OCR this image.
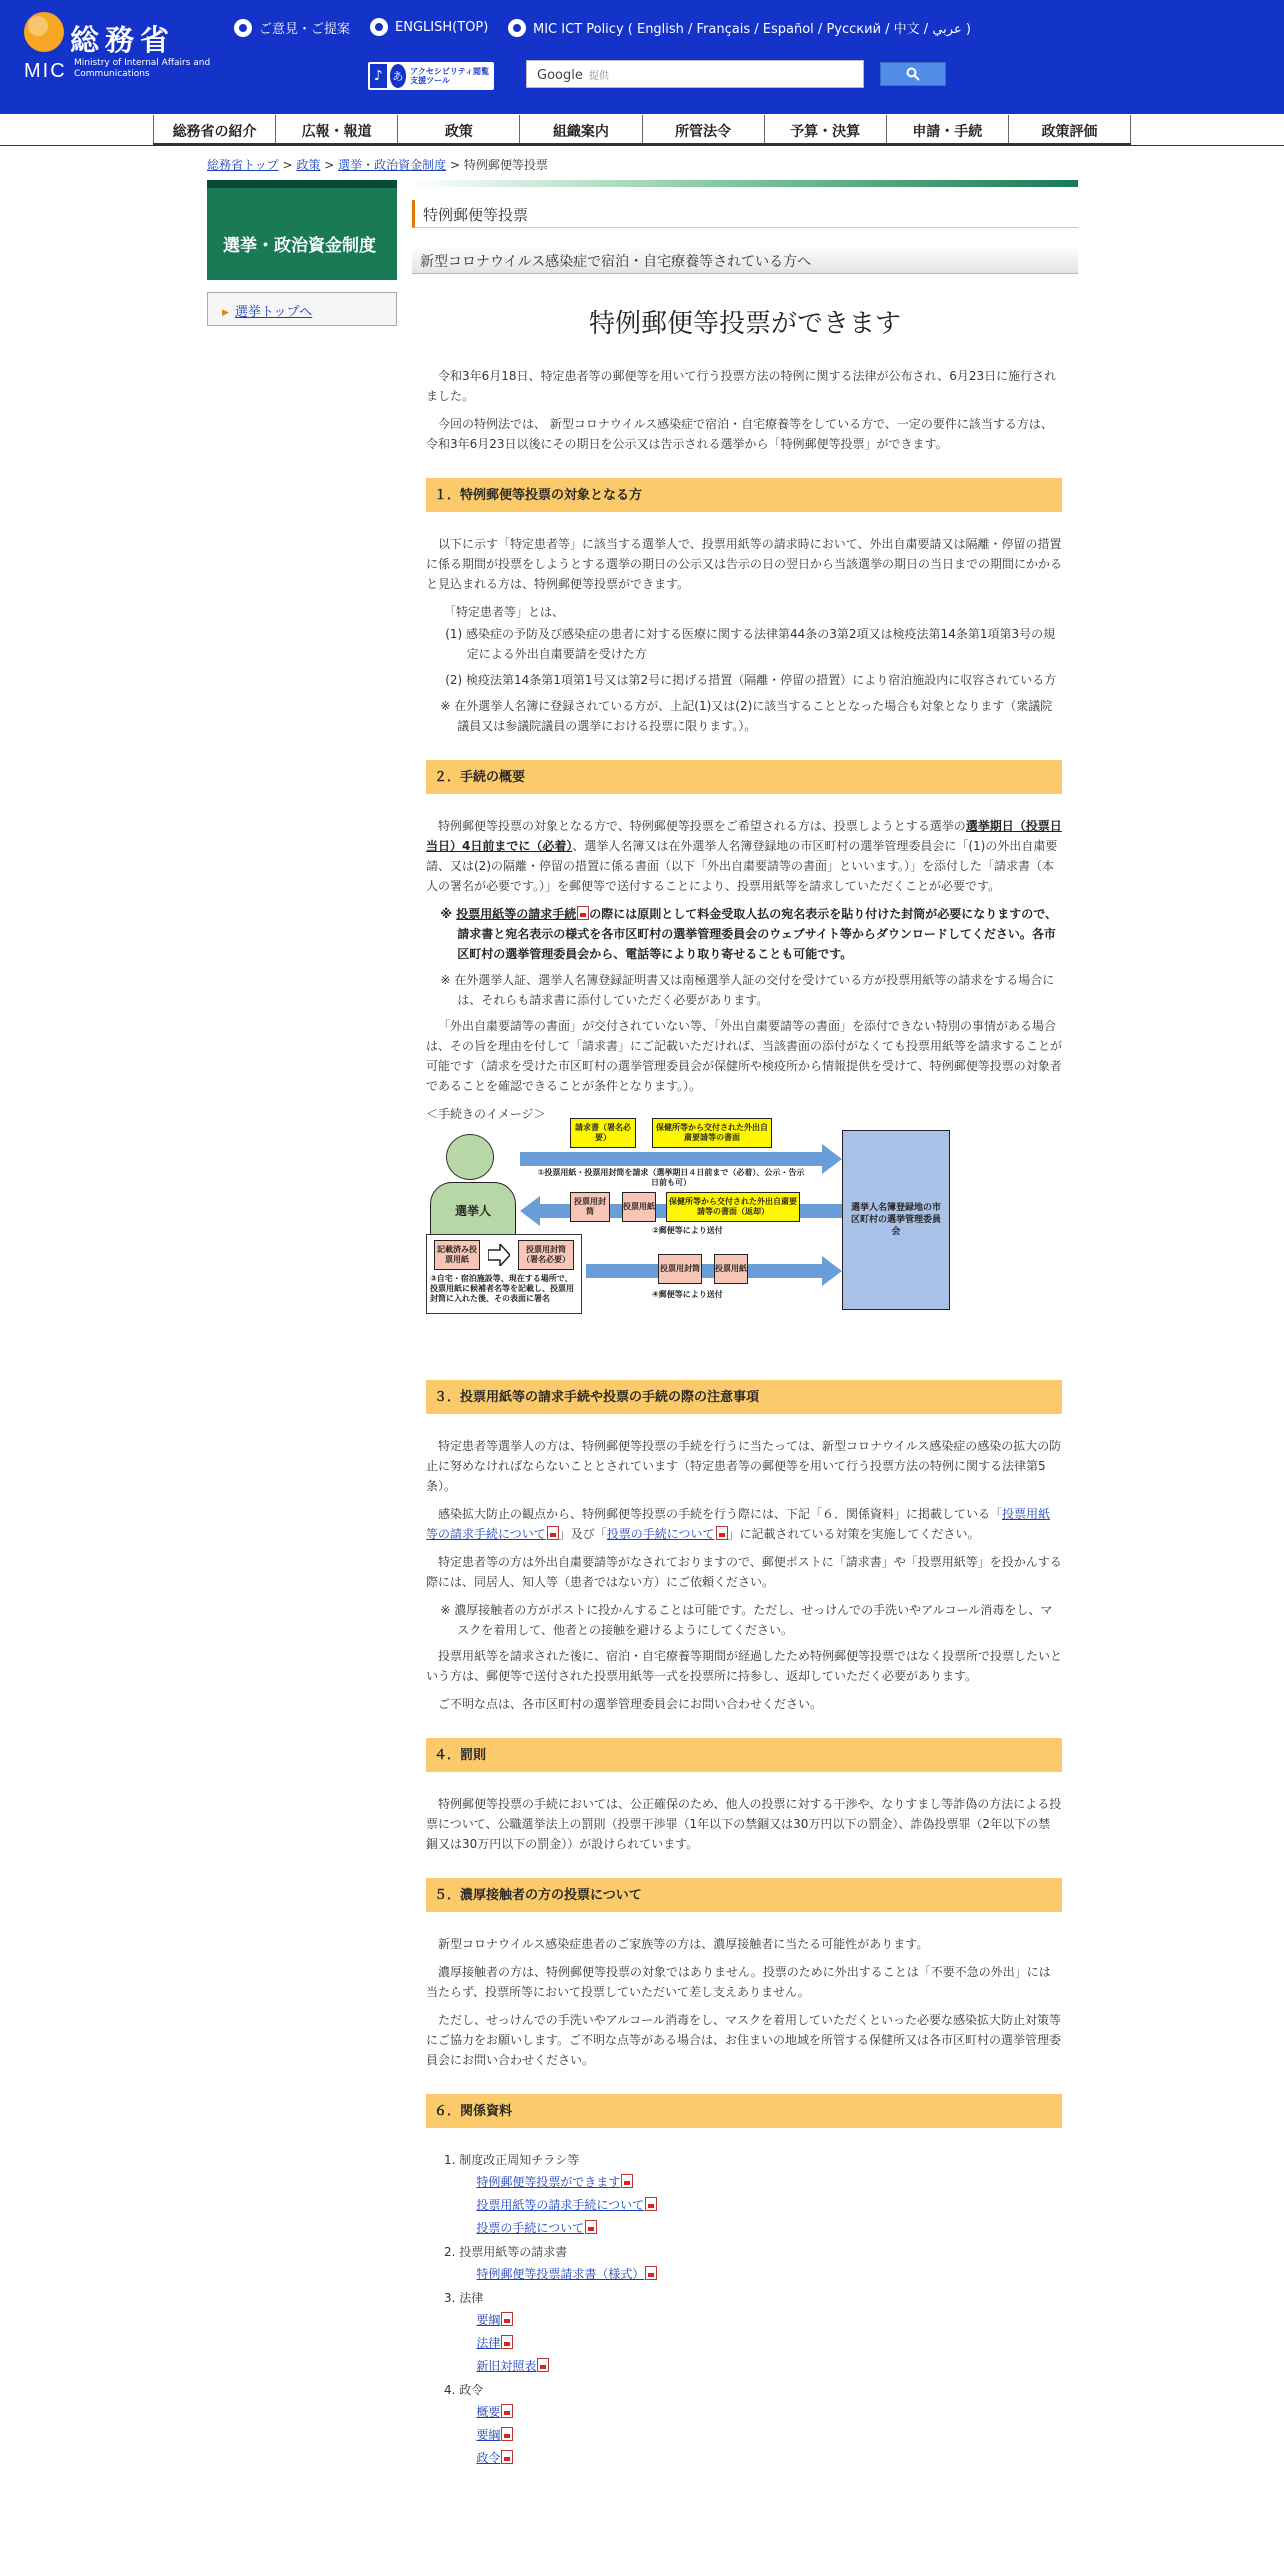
総務省
MIC Ministry of Internal Affairs and Communications
ご意見・ご提案	ENGLISH(TOP)	MIC ICT Policy ( English / Français / Español / Русский / 中文 / عربي )
♪ あ アクセシビリティ閲覧支援ツール	Google 提供
総務省の紹介	広報・報道	政策	組織案内	所管法令	予算・決算	申請・手続	政策評価
総務省トップ > 政策 > 選挙・政治資金制度 > 特例郵便等投票
選挙・政治資金制度
▶ 選挙トップへ
特例郵便等投票
新型コロナウイルス感染症で宿泊・自宅療養等されている方へ
特例郵便等投票ができます

令和3年6月18日、特定患者等の郵便等を用いて行う投票方法の特例に関する法律が公布され、6月23日に施行されました。

今回の特例法では、 新型コロナウイルス感染症で宿泊・自宅療養等をしている方で、一定の要件に該当する方は、令和3年6月23日以後にその期日を公示又は告示される選挙から「特例郵便等投票」ができます。

１．特例郵便等投票の対象となる方

以下に示す「特定患者等」に該当する選挙人で、投票用紙等の請求時において、外出自粛要請又は隔離・停留の措置に係る期間が投票をしようとする選挙の期日の公示又は告示の日の翌日から当該選挙の期日の当日までの期間にかかると見込まれる方は、特例郵便等投票ができます。

「特定患者等」とは、
(1) 感染症の予防及び感染症の患者に対する医療に関する法律第44条の3第2項又は検疫法第14条第1項第3号の規定による外出自粛要請を受けた方
(2) 検疫法第14条第1項第1号又は第2号に掲げる措置（隔離・停留の措置）により宿泊施設内に収容されている方
※ 在外選挙人名簿に登録されている方が、上記(1)又は(2)に該当することとなった場合も対象となります（衆議院議員又は参議院議員の選挙における投票に限ります。）。
２．手続の概要

特例郵便等投票の対象となる方で、特例郵便等投票をご希望される方は、投票しようとする選挙の選挙期日（投票日当日）4日前までに（必着）、選挙人名簿又は在外選挙人名簿登録地の市区町村の選挙管理委員会に「(1)の外出自粛要請、又は(2)の隔離・停留の措置に係る書面（以下「外出自粛要請等の書面」といいます。）」を添付した「請求書（本人の署名が必要です。）」を郵便等で送付することにより、投票用紙等を請求していただくことが必要です。

※ 投票用紙等の請求手続 の際には原則として料金受取人払の宛名表示を貼り付けた封筒が必要になりますので、請求書と宛名表示の様式を各市区町村の選挙管理委員会のウェブサイト等からダウンロードしてください。各市区町村の選挙管理委員会から、電話等により取り寄せることも可能です。
※ 在外選挙人証、選挙人名簿登録証明書又は南極選挙人証の交付を受けている方が投票用紙等の請求をする場合には、それらも請求書に添付していただく必要があります。

「外出自粛要請等の書面」が交付されていない等、「外出自粛要請等の書面」を添付できない特別の事情がある場合は、その旨を理由を付して「請求書」にご記載いただければ、当該書面の添付がなくても投票用紙等を請求することが可能です（請求を受けた市区町村の選挙管理委員会が保健所や検疫所から情報提供を受けて、特例郵便等投票の対象者であることを確認できることが条件となります。）。

＜手続きのイメージ＞
選挙人	選挙人名簿登録地の市区町村の選挙管理委員会
請求書（署名必要）
保健所等から交付された外出自粛要請等の書面
①投票用紙・投票用封筒を請求（選挙期日４日前まで（必着）、公示・告示日前も可）
投票用封筒
投票用紙
保健所等から交付された外出自粛要請等の書面（返却）
②郵便等により送付
記載済み投票用紙
投票用封筒（署名必要）
③自宅・宿泊施設等、現在する場所で、投票用紙に候補者名等を記載し、投票用封筒に入れた後、その表面に署名
投票用封筒 投票用紙
④郵便等により送付
３．投票用紙等の請求手続や投票の手続の際の注意事項

特定患者等選挙人の方は、特例郵便等投票の手続を行うに当たっては、新型コロナウイルス感染症の感染の拡大の防止に努めなければならないこととされています（特定患者等の郵便等を用いて行う投票方法の特例に関する法律第5条）。

感染拡大防止の観点から、特例郵便等投票の手続を行う際には、下記「６．関係資料」に掲載している「投票用紙等の請求手続について 」及び「投票の手続について 」に記載されている対策を実施してください。

特定患者等の方は外出自粛要請等がなされておりますので、郵便ポストに「請求書」や「投票用紙等」を投かんする際には、同居人、知人等（患者ではない方）にご依頼ください。

※ 濃厚接触者の方がポストに投かんすることは可能です。ただし、せっけんでの手洗いやアルコール消毒をし、マスクを着用して、他者との接触を避けるようにしてください。

投票用紙等を請求された後に、宿泊・自宅療養等期間が経過したため特例郵便等投票ではなく投票所で投票したいという方は、郵便等で送付された投票用紙等一式を投票所に持参し、返却していただく必要があります。

ご不明な点は、各市区町村の選挙管理委員会にお問い合わせください。

４．罰則

特例郵便等投票の手続においては、公正確保のため、他人の投票に対する干渉や、なりすまし等詐偽の方法による投票について、公職選挙法上の罰則（投票干渉罪（1年以下の禁錮又は30万円以下の罰金）、詐偽投票罪（2年以下の禁錮又は30万円以下の罰金））が設けられています。

５．濃厚接触者の方の投票について

新型コロナウイルス感染症患者のご家族等の方は、濃厚接触者に当たる可能性があります。

濃厚接触者の方は、特例郵便等投票の対象ではありません。投票のために外出することは「不要不急の外出」には当たらず、投票所等において投票していただいて差し支えありません。

ただし、せっけんでの手洗いやアルコール消毒をし、マスクを着用していただくといった必要な感染拡大防止対策等にご協力をお願いします。ご不明な点等がある場合は、お住まいの地域を所管する保健所又は各市区町村の選挙管理委員会にお問い合わせください。

６．関係資料
1. 制度改正周知チラシ等
特例郵便等投票ができます
投票用紙等の請求手続について
投票の手続について
2. 投票用紙等の請求書
特例郵便等投票請求書（様式）
3. 法律
要綱
法律
新旧対照表
4. 政令
概要
要綱
政令
